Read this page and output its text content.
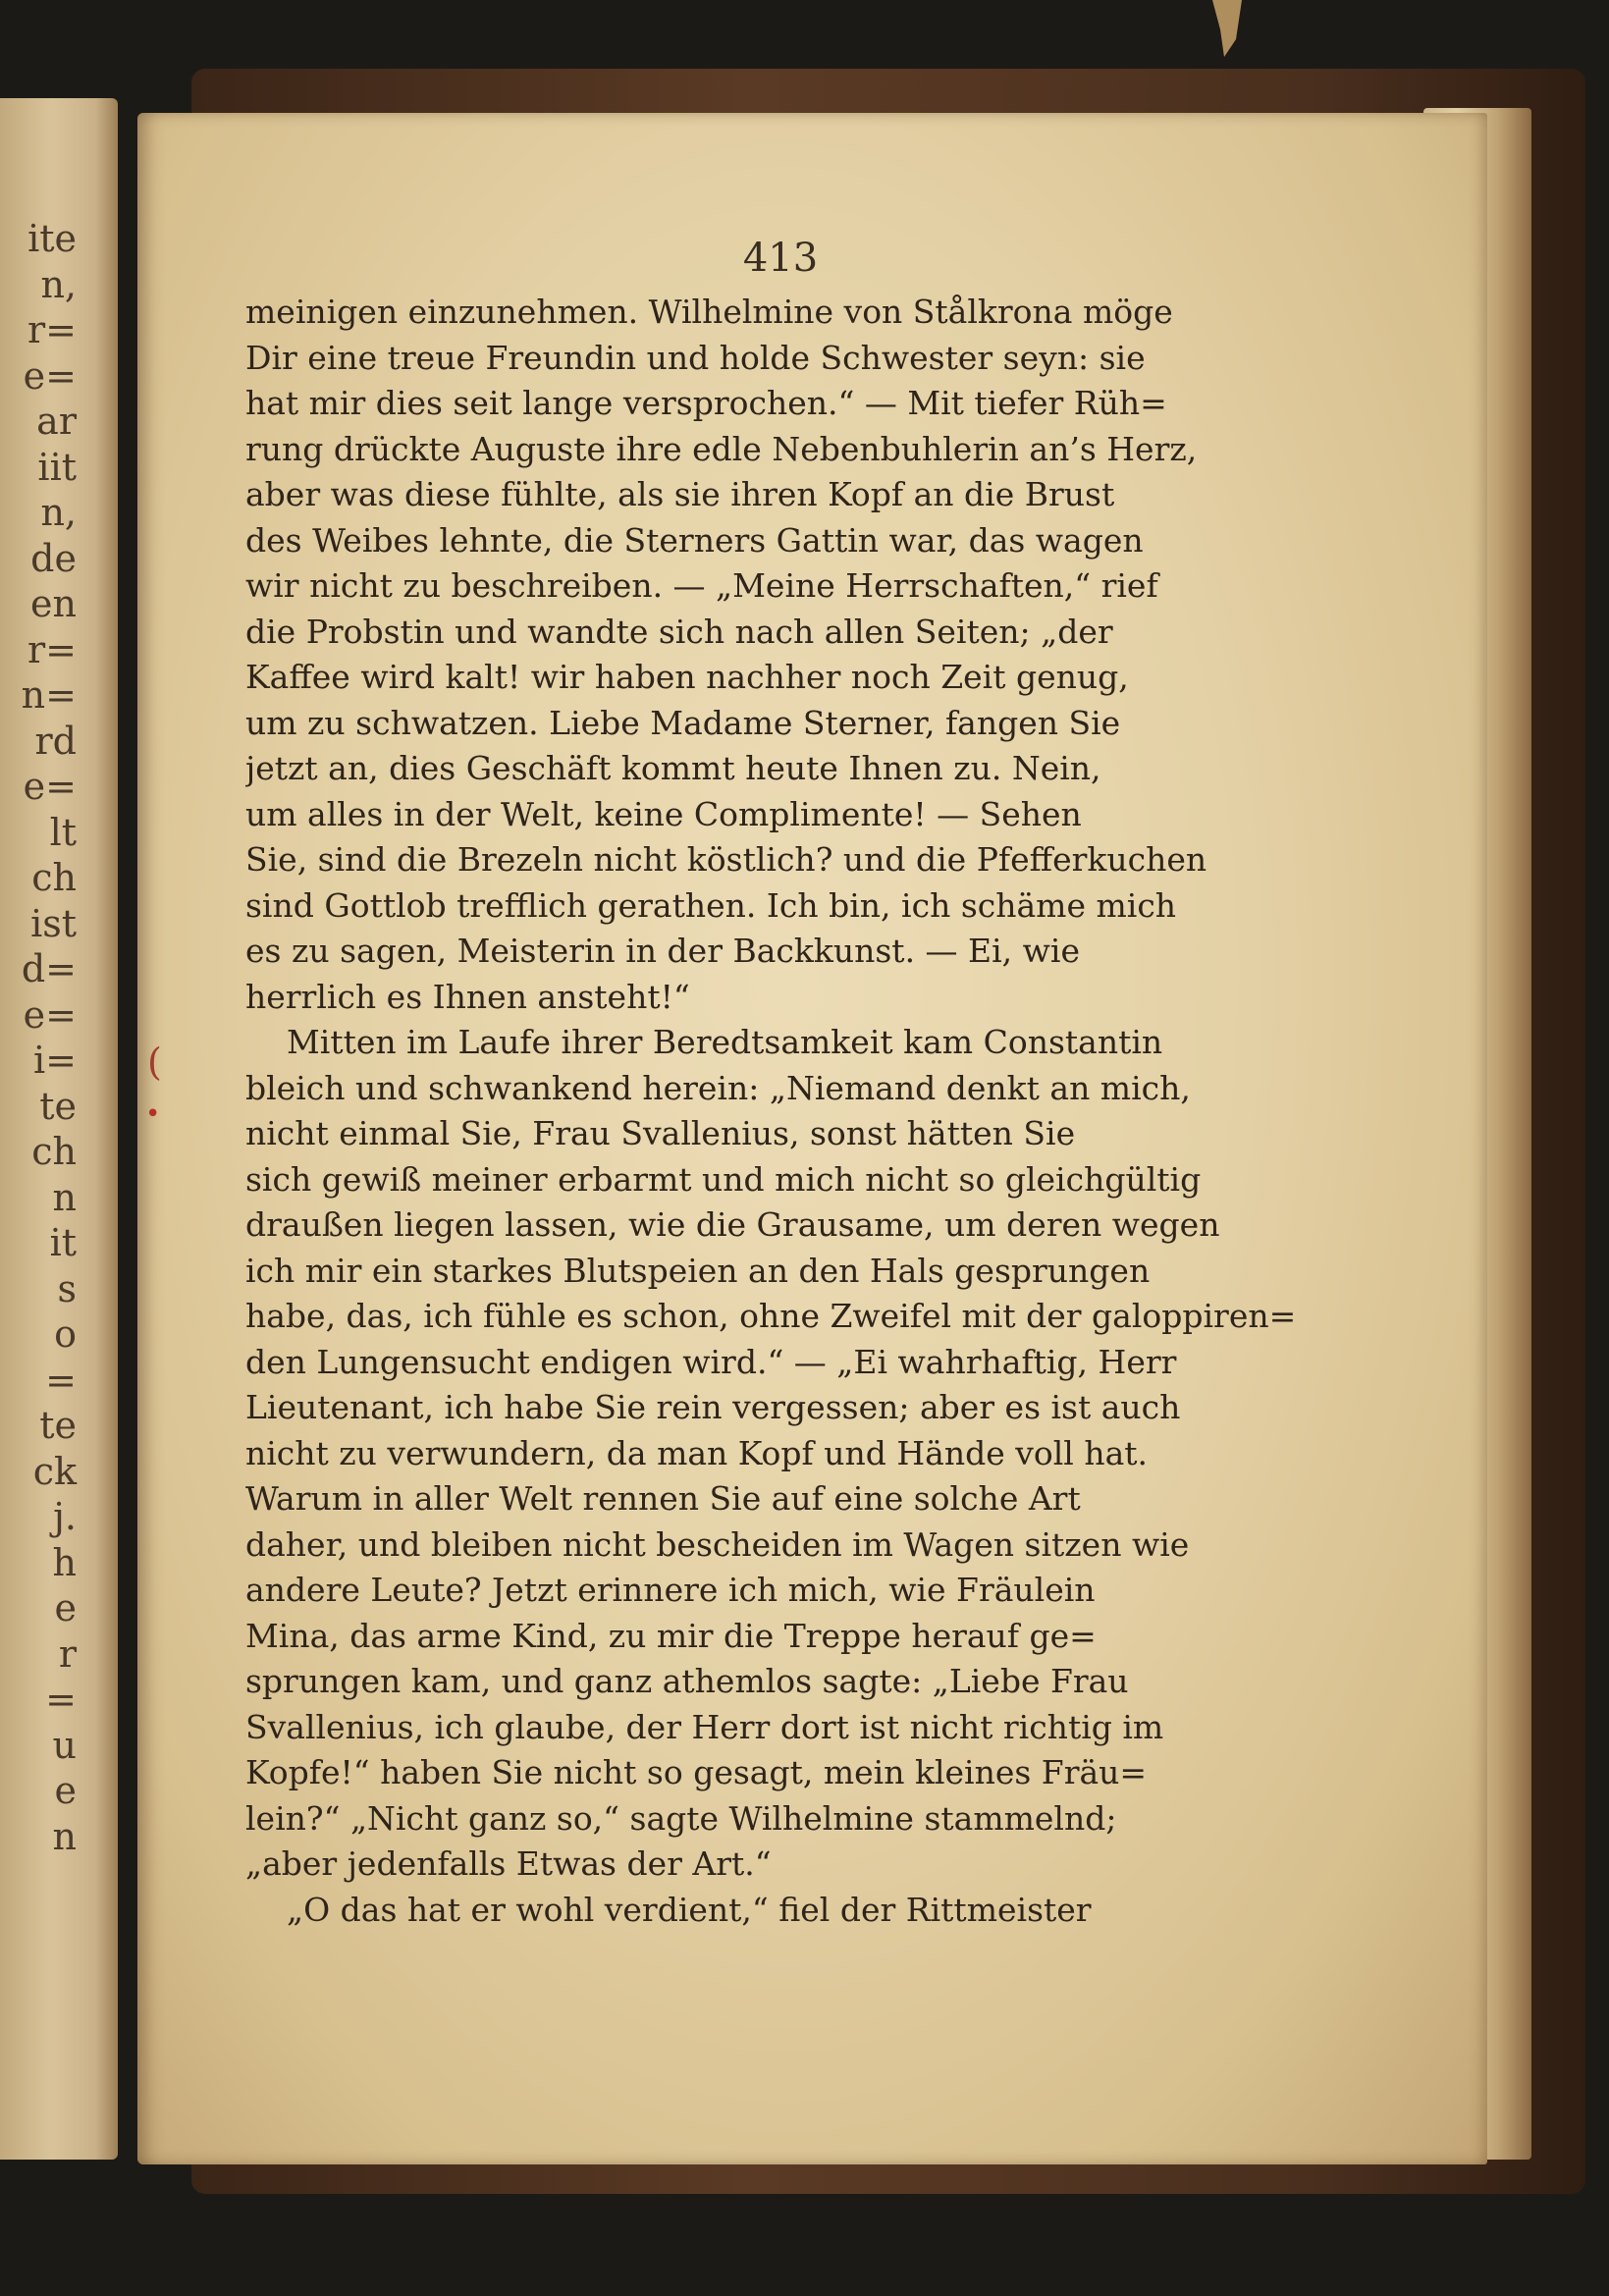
ite
n,
r=
e=
ar
iit
n,
de
en
r=
n=
rd
e=
lt
ch
ist
d=
e=
i=
te
ch
n
it
s
o
=
te
ck
j.
h
e
r
=
u
e
n
413
(
•
meinigen einzunehmen. Wilhelmine von Stålkrona möge
Dir eine treue Freundin und holde Schwester seyn: sie
hat mir dies seit lange versprochen.“ — Mit tiefer Rüh=
rung drückte Auguste ihre edle Nebenbuhlerin an’s Herz,
aber was diese fühlte, als sie ihren Kopf an die Brust
des Weibes lehnte, die Sterners Gattin war, das wagen
wir nicht zu beschreiben. — „Meine Herrschaften,“ rief
die Probstin und wandte sich nach allen Seiten; „der
Kaffee wird kalt! wir haben nachher noch Zeit genug,
um zu schwatzen. Liebe Madame Sterner, fangen Sie
jetzt an, dies Geschäft kommt heute Ihnen zu. Nein,
um alles in der Welt, keine Complimente! — Sehen
Sie, sind die Brezeln nicht köstlich? und die Pfefferkuchen
sind Gottlob trefflich gerathen. Ich bin, ich schäme mich
es zu sagen, Meisterin in der Backkunst. — Ei, wie
herrlich es Ihnen ansteht!“
Mitten im Laufe ihrer Beredtsamkeit kam Constantin
bleich und schwankend herein: „Niemand denkt an mich,
nicht einmal Sie, Frau Svallenius, sonst hätten Sie
sich gewiß meiner erbarmt und mich nicht so gleichgültig
draußen liegen lassen, wie die Grausame, um deren wegen
ich mir ein starkes Blutspeien an den Hals gesprungen
habe, das, ich fühle es schon, ohne Zweifel mit der galoppiren=
den Lungensucht endigen wird.“ — „Ei wahrhaftig, Herr
Lieutenant, ich habe Sie rein vergessen; aber es ist auch
nicht zu verwundern, da man Kopf und Hände voll hat.
Warum in aller Welt rennen Sie auf eine solche Art
daher, und bleiben nicht bescheiden im Wagen sitzen wie
andere Leute? Jetzt erinnere ich mich, wie Fräulein
Mina, das arme Kind, zu mir die Treppe herauf ge=
sprungen kam, und ganz athemlos sagte: „Liebe Frau
Svallenius, ich glaube, der Herr dort ist nicht richtig im
Kopfe!“ haben Sie nicht so gesagt, mein kleines Fräu=
lein?“ „Nicht ganz so,“ sagte Wilhelmine stammelnd;
„aber jedenfalls Etwas der Art.“
„O das hat er wohl verdient,“ fiel der Rittmeister
